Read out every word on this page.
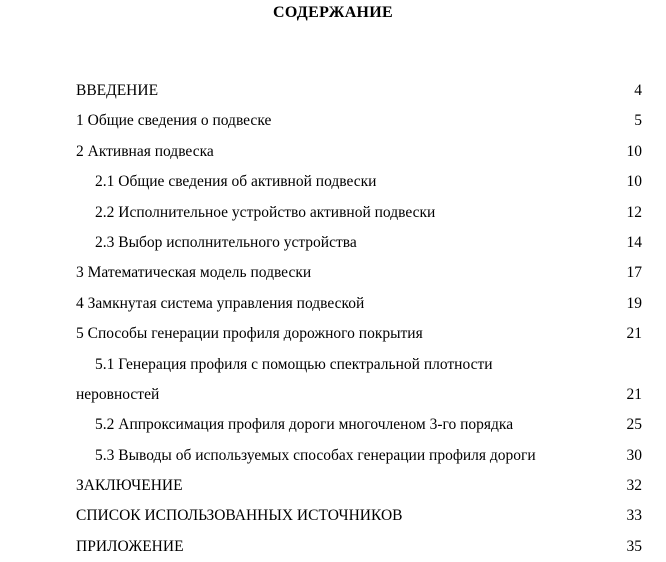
СОДЕРЖАНИЕ
ВВЕДЕНИЕ	4
1 Общие сведения о подвеске	5
2 Активная подвеска	10
2.1 Общие сведения об активной подвески	10
2.2 Исполнительное устройство активной подвески	12
2.3 Выбор исполнительного устройства	14
3 Математическая модель подвески	17
4 Замкнутая система управления подвеской	19
5 Способы генерации профиля дорожного покрытия	21
5.1 Генерация профиля с помощью спектральной плотности
неровностей	21
5.2 Аппроксимация профиля дороги многочленом 3-го порядка	25
5.3 Выводы об используемых способах генерации профиля дороги	30
ЗАКЛЮЧЕНИЕ	32
СПИСОК ИСПОЛЬЗОВАННЫХ ИСТОЧНИКОВ	33
ПРИЛОЖЕНИЕ	35
